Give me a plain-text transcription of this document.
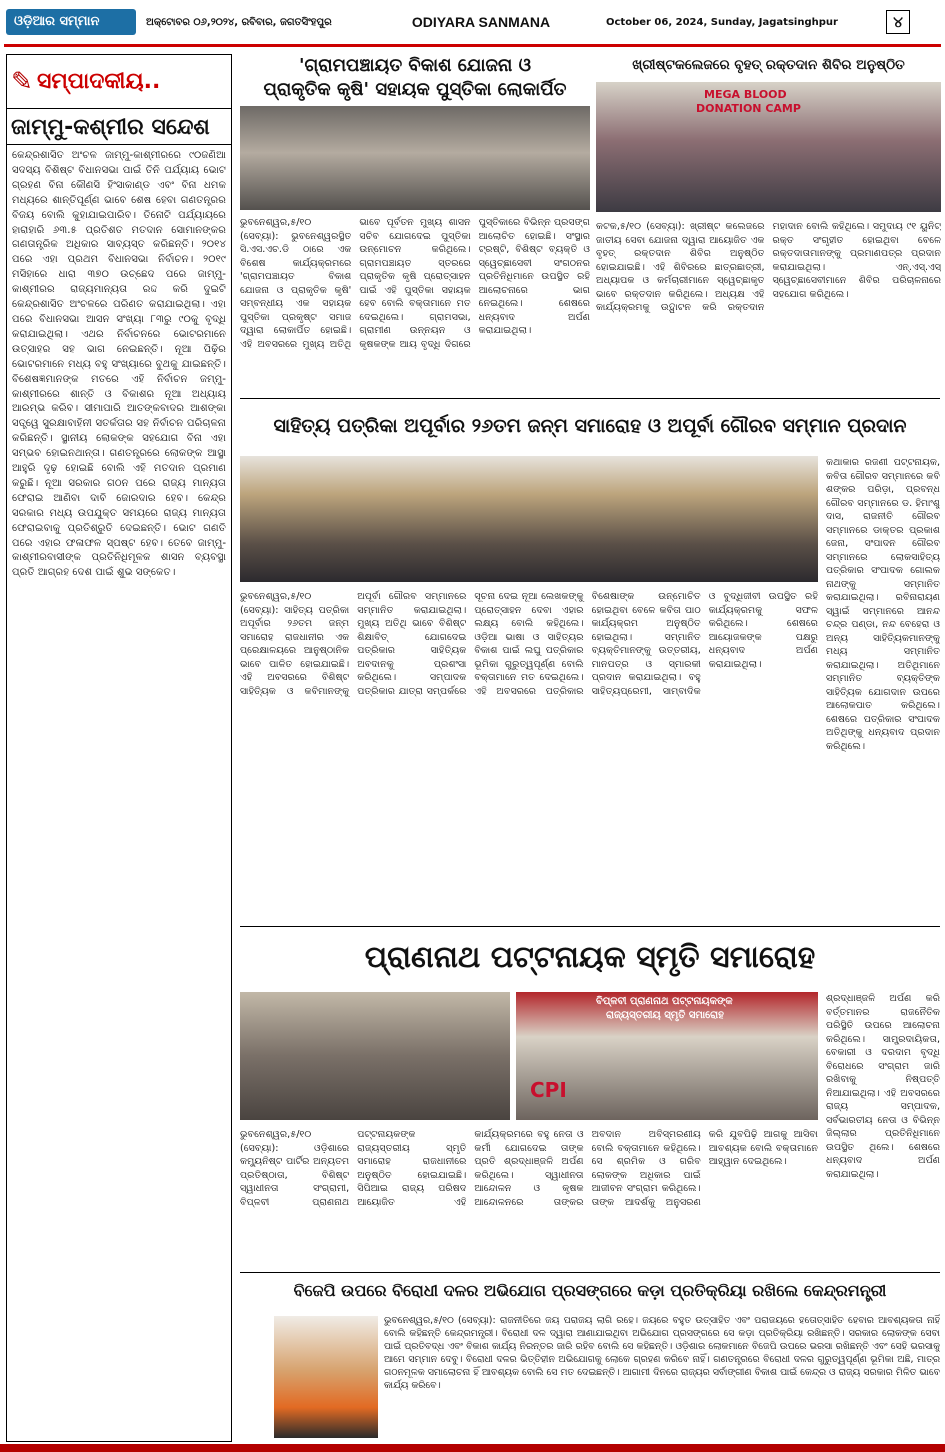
ଓଡ଼ିଆର ସମ୍ମାନ	ଅକ୍ଟୋବର ୦୬,୨୦୨୪, ରବିବାର, ଜଗତସିଂହପୁର	ODIYARA SANMANA	October 06, 2024, Sunday, Jagatsinghpur	୪
✎ ସମ୍ପାଦକୀୟ..
ଜାମ୍ମୁ-କଶ୍ମୀର ସନ୍ଦେଶ
କେନ୍ଦ୍ରଶାସିତ ଅଂଚଳ ଜାମ୍ମୁ-କାଶ୍ମୀରରେ ୯୦ଜଣିଆ ସଦସ୍ୟ ବିଶିଷ୍ଟ ବିଧାନସଭା ପାଇଁ ତିନି ପର୍ଯ୍ୟାୟ ଭୋଟ ଗ୍ରହଣ ବିନା କୌଣସି ହିଂସାକାଣ୍ଡ ଏବଂ ବିନା ଧମକ ମଧ୍ୟରେ ଶାନ୍ତିପୂର୍ଣ୍ଣ ଭାବେ ଶେଷ ହେବା ଗଣତନ୍ତ୍ରର ବିଜୟ ବୋଲି କୁହାଯାଇପାରିବ। ତିନୋଟି ପର୍ଯ୍ୟାୟରେ ହାରାହାରି ୬୩.୫ ପ୍ରତିଶତ ମତଦାନ ସୋମାନଙ୍କର ଗଣତାନ୍ତ୍ରିକ ଅଧିକାର ସାବ୍ୟସ୍ତ କରିଛନ୍ତି। ୨୦୧୪ ପରେ ଏହା ପ୍ରଥମ ବିଧାନସଭା ନିର୍ବାଚନ। ୨୦୧୯ ମସିହାରେ ଧାରା ୩୭୦ ଉଚ୍ଛେଦ ପରେ ଜାମ୍ମୁ-କାଶ୍ମୀରର ରାଜ୍ୟମାନ୍ୟତା ରଦ୍ଦ କରି ଦୁଇଟି କେନ୍ଦ୍ରଶାସିତ ଅଂଚଳରେ ପରିଣତ କରାଯାଇଥିଲା। ଏହା ପରେ ବିଧାନସଭା ଆସନ ସଂଖ୍ୟା ୮୩ରୁ ୯୦କୁ ବୃଦ୍ଧି କରାଯାଇଥିଲା। ଏଥର ନିର୍ବାଚନରେ ଭୋଟରମାନେ ଉତ୍ସାହର ସହ ଭାଗ ନେଇଛନ୍ତି। ନୂଆ ପିଢ଼ିର ଭୋଟରମାନେ ମଧ୍ୟ ବହୁ ସଂଖ୍ୟାରେ ବୁଥକୁ ଯାଇଛନ୍ତି। ବିଶେଷଜ୍ଞମାନଙ୍କ ମତରେ ଏହି ନିର୍ବାଚନ ଜମ୍ମୁ-କାଶ୍ମୀରରେ ଶାନ୍ତି ଓ ବିକାଶର ନୂଆ ଅଧ୍ୟାୟ ଆରମ୍ଭ କରିବ। ସୀମାପାରି ଆତଙ୍କବାଦର ଆଶଙ୍କା ସତ୍ତ୍ୱେ ସୁରକ୍ଷାବାହିନୀ ସତର୍କତାର ସହ ନିର୍ବାଚନ ପରିଚାଳନା କରିଛନ୍ତି। ସ୍ଥାନୀୟ ଲୋକଙ୍କ ସହଯୋଗ ବିନା ଏହା ସମ୍ଭବ ହୋଇନଥାନ୍ତା। ଗଣତନ୍ତ୍ରରେ ଲୋକଙ୍କ ଆସ୍ଥା ଆହୁରି ଦୃଢ଼ ହୋଇଛି ବୋଲି ଏହି ମତଦାନ ପ୍ରମାଣ କରୁଛି। ନୂଆ ସରକାର ଗଠନ ପରେ ରାଜ୍ୟ ମାନ୍ୟତା ଫେରାଇ ଆଣିବା ଦାବି ଜୋରଦାର ହେବ। କେନ୍ଦ୍ର ସରକାର ମଧ୍ୟ ଉପଯୁକ୍ତ ସମୟରେ ରାଜ୍ୟ ମାନ୍ୟତା ଫେରାଇବାକୁ ପ୍ରତିଶ୍ରୁତି ଦେଇଛନ୍ତି। ଭୋଟ ଗଣତି ପରେ ଏହାର ଫଳାଫଳ ସ୍ପଷ୍ଟ ହେବ। ତେବେ ଜାମ୍ମୁ-କାଶ୍ମୀରବାସୀଙ୍କ ପ୍ରତିନିଧିମୂଳକ ଶାସନ ବ୍ୟବସ୍ଥା ପ୍ରତି ଆଗ୍ରହ ଦେଶ ପାଇଁ ଶୁଭ ସଙ୍କେତ।
'ଗ୍ରାମପଞ୍ଚାୟତ ବିକାଶ ଯୋଜନା ଓ
ପ୍ରାକୃତିକ କୃଷି' ସହାୟକ ପୁସ୍ତିକା ଲୋକାର୍ପିତ
ଭୁବନେଶ୍ୱର,୫/୧୦ (ସେବ୍ୟା): ଭୁବନେଶ୍ୱରସ୍ଥିତ ସି.ଏସ.ଏଚ.ଡି ଠାରେ ଏକ ବିଶେଷ କାର୍ଯ୍ୟକ୍ରମରେ 'ଗ୍ରାମପଞ୍ଚାୟତ ବିକାଶ ଯୋଜନା ଓ ପ୍ରାକୃତିକ କୃଷି' ସମ୍ବନ୍ଧୀୟ ଏକ ସହାୟକ ପୁସ୍ତିକା ପ୍ରକୃଷ୍ଟ ସମାଜ ଦ୍ୱାରା ଲୋକାର୍ପିତ ହୋଇଛି। ଏହି ଅବସରରେ ମୁଖ୍ୟ ଅତିଥି ଭାବେ ପୂର୍ବତନ ମୁଖ୍ୟ ଶାସନ ସଚିବ ଯୋଗଦେଇ ପୁସ୍ତିକା ଉନ୍ମୋଚନ କରିଥିଲେ। ଗ୍ରାମପଞ୍ଚାୟତ ସ୍ତରରେ ପ୍ରାକୃତିକ କୃଷି ପ୍ରୋତ୍ସାହନ ପାଇଁ ଏହି ପୁସ୍ତିକା ସହାୟକ ହେବ ବୋଲି ବକ୍ତାମାନେ ମତ ଦେଇଥିଲେ। ଗ୍ରାମସଭା, ଗ୍ରାମୀଣ ଉନ୍ନୟନ ଓ କୃଷକଙ୍କ ଆୟ ବୃଦ୍ଧି ଦିଗରେ ପୁସ୍ତିକାରେ ବିଭିନ୍ନ ପ୍ରସଙ୍ଗ ଆଲୋଚିତ ହୋଇଛି। ସଂସ୍ଥାର ଟ୍ରଷ୍ଟି, ବିଶିଷ୍ଟ ବ୍ୟକ୍ତି ଓ ସ୍ୱେଚ୍ଛାସେବୀ ସଂଗଠନର ପ୍ରତିନିଧିମାନେ ଉପସ୍ଥିତ ରହି ଆଲୋଚନାରେ ଭାଗ ନେଇଥିଲେ। ଶେଷରେ ଧନ୍ୟବାଦ ଅର୍ପଣ କରାଯାଇଥିଲା।
ଖ୍ରୀଷ୍ଟକଲେଜରେ ବୃହତ୍ ରକ୍ତଦାନ ଶିବିର ଅନୁଷ୍ଠିତ
MEGA BLOOD
DONATION CAMP
କଟକ,୫/୧୦ (ସେବ୍ୟା): ଖ୍ରୀଷ୍ଟ କଲେଜରେ ଜାତୀୟ ସେବା ଯୋଜନା ଦ୍ୱାରା ଆୟୋଜିତ ଏକ ବୃହତ୍ ରକ୍ତଦାନ ଶିବିର ଅନୁଷ୍ଠିତ ହୋଇଯାଇଛି। ଏହି ଶିବିରରେ ଛାତ୍ରଛାତ୍ରୀ, ଅଧ୍ୟାପକ ଓ କର୍ମଚାରୀମାନେ ସ୍ୱେଚ୍ଛାକୃତ ଭାବେ ରକ୍ତଦାନ କରିଥିଲେ। ଅଧ୍ୟକ୍ଷ ଏହି କାର୍ଯ୍ୟକ୍ରମକୁ ଉଦ୍ଘାଟନ କରି ରକ୍ତଦାନ ମହାଦାନ ବୋଲି କହିଥିଲେ। ସମୁଦାୟ ୯୧ ୟୁନିଟ୍ ରକ୍ତ ସଂଗୃହୀତ ହୋଇଥିବା ବେଳେ ରକ୍ତଦାତାମାନଙ୍କୁ ପ୍ରମାଣପତ୍ର ପ୍ରଦାନ କରାଯାଇଥିଲା। ଏନ୍.ଏସ୍.ଏସ୍ ସ୍ୱେଚ୍ଛାସେବୀମାନେ ଶିବିର ପରିଚାଳନାରେ ସହଯୋଗ କରିଥିଲେ।
ସାହିତ୍ୟ ପତ୍ରିକା ଅପୂର୍ବାର ୨୬ତମ ଜନ୍ମ ସମାରୋହ ଓ ଅପୂର୍ବା ଗୌରବ ସମ୍ମାନ ପ୍ରଦାନ
ଭୁବନେଶ୍ୱର,୫/୧୦ (ସେବ୍ୟା): ସାହିତ୍ୟ ପତ୍ରିକା ଅପୂର୍ବାର ୨୬ତମ ଜନ୍ମ ସମାରୋହ ରାଜଧାନୀର ଏକ ପ୍ରେକ୍ଷାଳୟରେ ଆନୁଷ୍ଠାନିକ ଭାବେ ପାଳିତ ହୋଇଯାଇଛି। ଏହି ଅବସରରେ ବିଶିଷ୍ଟ ସାହିତ୍ୟିକ ଓ କବିମାନଙ୍କୁ ଅପୂର୍ବା ଗୌରବ ସମ୍ମାନରେ ସମ୍ମାନିତ କରାଯାଇଥିଲା। ମୁଖ୍ୟ ଅତିଥି ଭାବେ ବିଶିଷ୍ଟ ଶିକ୍ଷାବିତ୍ ଯୋଗଦେଇ ପତ୍ରିକାର ସାହିତ୍ୟିକ ଅବଦାନକୁ ପ୍ରଶଂସା କରିଥିଲେ। ସମ୍ପାଦକ ପତ୍ରିକାର ଯାତ୍ରା ସମ୍ପର୍କରେ ସୂଚନା ଦେଇ ନୂଆ ଲେଖକଙ୍କୁ ପ୍ରୋତ୍ସାହନ ଦେବା ଏହାର ଲକ୍ଷ୍ୟ ବୋଲି କହିଥିଲେ। ଓଡ଼ିଆ ଭାଷା ଓ ସାହିତ୍ୟର ବିକାଶ ପାଇଁ ଲଘୁ ପତ୍ରିକାର ଭୂମିକା ଗୁରୁତ୍ୱପୂର୍ଣ୍ଣ ବୋଲି ବକ୍ତାମାନେ ମତ ଦେଇଥିଲେ। ଏହି ଅବସରରେ ପତ୍ରିକାର ବିଶେଷାଙ୍କ ଉନ୍ମୋଚିତ ହୋଇଥିବା ବେଳେ କବିତା ପାଠ କାର୍ଯ୍ୟକ୍ରମ ଅନୁଷ୍ଠିତ ହୋଇଥିଲା। ସମ୍ମାନିତ ବ୍ୟକ୍ତିମାନଙ୍କୁ ଉତ୍ତରୀୟ, ମାନପତ୍ର ଓ ସ୍ମାରକୀ ପ୍ରଦାନ କରାଯାଇଥିଲା। ବହୁ ସାହିତ୍ୟପ୍ରେମୀ, ସାମ୍ବାଦିକ ଓ ବୁଦ୍ଧିଜୀବୀ ଉପସ୍ଥିତ ରହି କାର୍ଯ୍ୟକ୍ରମକୁ ସଫଳ କରିଥିଲେ। ଶେଷରେ ଆୟୋଜକଙ୍କ ପକ୍ଷରୁ ଧନ୍ୟବାଦ ଅର୍ପଣ କରାଯାଇଥିଲା।
କଥାକାର ରଜଣୀ ପଟ୍ଟନାୟକ, କବିତା ଗୌରବ ସମ୍ମାନରେ କବି ଶଙ୍କର ପରିଡ଼ା, ପ୍ରବନ୍ଧ ଗୌରବ ସମ୍ମାନରେ ଡ. ହିମାଂଶୁ ଦାସ, ରାଜନୀତି ଗୌରବ ସମ୍ମାନରେ ଡାକ୍ତର ପ୍ରକାଶ ଜେନା, ସଂପାଦନ ଗୌରବ ସମ୍ମାନରେ ଲୋକସାହିତ୍ୟ ପତ୍ରିକାର ସଂପାଦକ ଗୋଲକ ନାଥଙ୍କୁ ସମ୍ମାନିତ କରାଯାଇଥିଲା। ରବିନାରାୟଣ ସ୍ୱାଇଁ ସମ୍ମାନରେ ଆନନ୍ଦ ଚନ୍ଦ୍ର ପଣ୍ଡା, ନନ୍ଦ ବେହେରା ଓ ଅନ୍ୟ ସାହିତ୍ୟିକମାନଙ୍କୁ ମଧ୍ୟ ସମ୍ମାନିତ କରାଯାଇଥିଲା। ଅତିଥିମାନେ ସମ୍ମାନିତ ବ୍ୟକ୍ତିଙ୍କ ସାହିତ୍ୟିକ ଯୋଗଦାନ ଉପରେ ଆଲୋକପାତ କରିଥିଲେ। ଶେଷରେ ପତ୍ରିକାର ସଂପାଦକ ଅତିଥିଙ୍କୁ ଧନ୍ୟବାଦ ପ୍ରଦାନ କରିଥିଲେ।
ପ୍ରାଣନାଥ ପଟ୍ଟନାୟକ ସ୍ମୃତି ସମାରୋହ
ବିପ୍ଳବୀ ପ୍ରାଣନାଥ ପଟ୍ଟନାୟକଙ୍କ
ରାଜ୍ୟସ୍ତରୀୟ ସ୍ମୃତି ସମାରୋହ
CPI
ଭୁବନେଶ୍ୱର,୫/୧୦ (ସେବ୍ୟା): ଓଡ଼ିଶାରେ କମ୍ୟୁନିଷ୍ଟ ପାର୍ଟିର ଅନ୍ୟତମ ପ୍ରତିଷ୍ଠାତା, ବିଶିଷ୍ଟ ସ୍ୱାଧୀନତା ସଂଗ୍ରାମୀ, ବିପ୍ଳବୀ ପ୍ରାଣନାଥ ପଟ୍ଟନାୟକଙ୍କ ରାଜ୍ୟସ୍ତରୀୟ ସ୍ମୃତି ସମାରୋହ ରାଜଧାନୀରେ ଅନୁଷ୍ଠିତ ହୋଇଯାଇଛି। ସିପିଆଇ ରାଜ୍ୟ ପରିଷଦ ଆୟୋଜିତ ଏହି କାର୍ଯ୍ୟକ୍ରମରେ ବହୁ ନେତା ଓ କର୍ମୀ ଯୋଗଦେଇ ତାଙ୍କ ପ୍ରତି ଶ୍ରଦ୍ଧାଞ୍ଜଳି ଅର୍ପଣ କରିଥିଲେ। ସ୍ୱାଧୀନତା ଆନ୍ଦୋଳନ ଓ କୃଷକ ଆନ୍ଦୋଳନରେ ତାଙ୍କର ଅବଦାନ ଅବିସ୍ମରଣୀୟ ବୋଲି ବକ୍ତାମାନେ କହିଥିଲେ। ସେ ଶ୍ରମିକ ଓ ଗରିବ ଲୋକଙ୍କ ଅଧିକାର ପାଇଁ ଆଜୀବନ ସଂଗ୍ରାମ କରିଥିଲେ। ତାଙ୍କ ଆଦର୍ଶକୁ ଅନୁସରଣ କରି ଯୁବପିଢ଼ି ଆଗକୁ ଆସିବା ଆବଶ୍ୟକ ବୋଲି ବକ୍ତାମାନେ ଆହ୍ୱାନ ଦେଇଥିଲେ।
ଶ୍ରଦ୍ଧାଞ୍ଜଳି ଅର୍ପଣ କରି ବର୍ତ୍ତମାନର ରାଜନୈତିକ ପରିସ୍ଥିତି ଉପରେ ଆଲୋଚନା କରିଥିଲେ। ସାମ୍ପ୍ରଦାୟିକତା, ବେକାରୀ ଓ ଦରଦାମ ବୃଦ୍ଧି ବିରୋଧରେ ସଂଗ୍ରାମ ଜାରି ରଖିବାକୁ ନିଷ୍ପତ୍ତି ନିଆଯାଇଥିଲା। ଏହି ଅବସରରେ ରାଜ୍ୟ ସମ୍ପାଦକ, ସର୍ବଭାରତୀୟ ନେତା ଓ ବିଭିନ୍ନ ଜିଲ୍ଲାର ପ୍ରତିନିଧିମାନେ ଉପସ୍ଥିତ ଥିଲେ। ଶେଷରେ ଧନ୍ୟବାଦ ଅର୍ପଣ କରାଯାଇଥିଲା।
ବିଜେପି ଉପରେ ବିରୋଧୀ ଦଳର ଅଭିଯୋଗ ପ୍ରସଙ୍ଗରେ କଡ଼ା ପ୍ରତିକ୍ରିୟା ରଖିଲେ କେନ୍ଦ୍ରମନ୍ତ୍ରୀ
ଭୁବନେଶ୍ୱର,୫/୧୦ (ସେବ୍ୟା): ରାଜନୀତିରେ ଜୟ ପରାଜୟ ଲାଗି ରହେ। ଜୟରେ ବହୁତ ଉତ୍ସାହିତ ଏବଂ ପରାଜୟରେ ହତୋତ୍ସାହିତ ହେବାର ଆବଶ୍ୟକତା ନାହିଁ ବୋଲି କହିଛନ୍ତି କେନ୍ଦ୍ରମନ୍ତ୍ରୀ। ବିରୋଧୀ ଦଳ ଦ୍ୱାରା ଆଣାଯାଇଥିବା ଅଭିଯୋଗ ପ୍ରସଙ୍ଗରେ ସେ କଡ଼ା ପ୍ରତିକ୍ରିୟା ରଖିଛନ୍ତି। ସରକାର ଲୋକଙ୍କ ସେବା ପାଇଁ ପ୍ରତିବଦ୍ଧ ଏବଂ ବିକାଶ କାର୍ଯ୍ୟ ନିରନ୍ତର ଜାରି ରହିବ ବୋଲି ସେ କହିଛନ୍ତି। ଓଡ଼ିଶାର ଲୋକମାନେ ବିଜେପି ଉପରେ ଭରସା ରଖିଛନ୍ତି ଏବଂ ସେହି ଭରସାକୁ ଆମେ ସମ୍ମାନ ଦେବୁ। ବିରୋଧୀ ଦଳର ଭିତ୍ତିହୀନ ଅଭିଯୋଗକୁ ଲୋକେ ଗ୍ରହଣ କରିବେ ନାହିଁ। ଗଣତନ୍ତ୍ରରେ ବିରୋଧୀ ଦଳର ଗୁରୁତ୍ୱପୂର୍ଣ୍ଣ ଭୂମିକା ଅଛି, ମାତ୍ର ଗଠନମୂଳକ ସମାଲୋଚନା ହିଁ ଆବଶ୍ୟକ ବୋଲି ସେ ମତ ଦେଇଛନ୍ତି। ଆଗାମୀ ଦିନରେ ରାଜ୍ୟର ସର୍ବାଙ୍ଗୀଣ ବିକାଶ ପାଇଁ କେନ୍ଦ୍ର ଓ ରାଜ୍ୟ ସରକାର ମିଳିତ ଭାବେ କାର୍ଯ୍ୟ କରିବେ।
